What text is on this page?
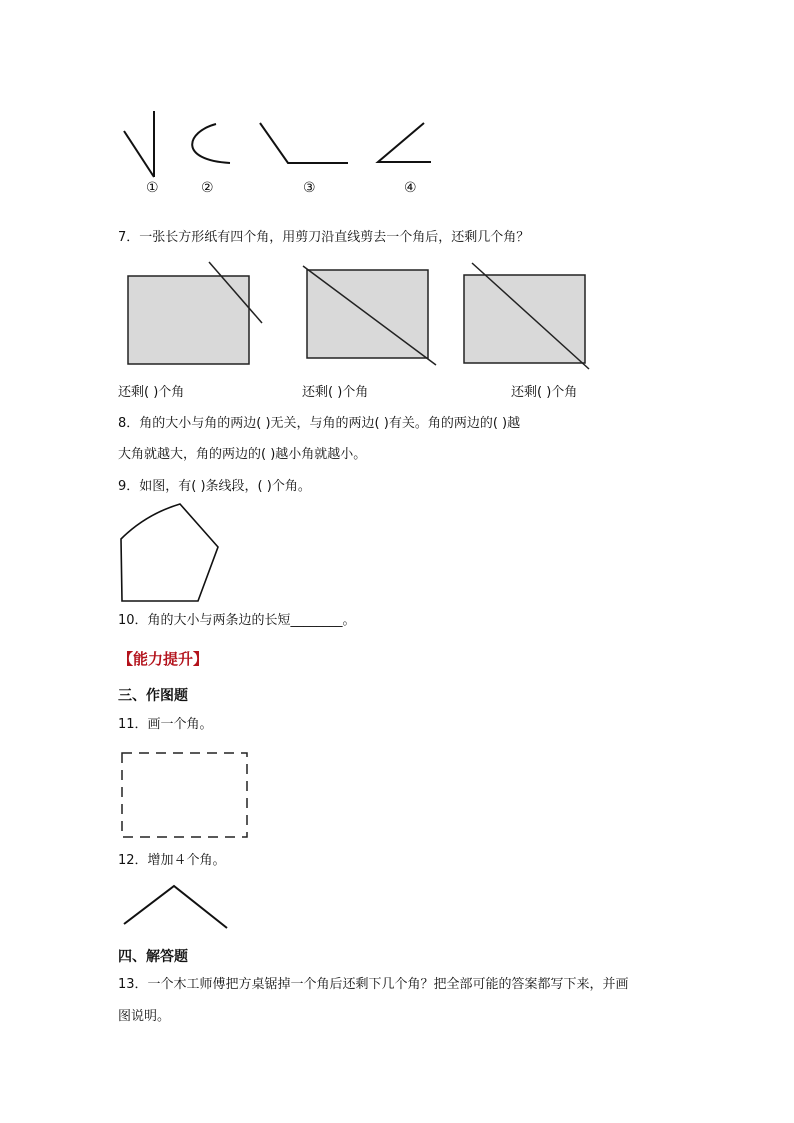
①	②	③	④
7．一张长方形纸有四个角，用剪刀沿直线剪去一个角后，还剩几个角？
还剩( )个角	还剩( )个角	还剩( )个角
8．角的大小与角的两边( )无关，与角的两边( )有关。角的两边的( )越
大角就越大，角的两边的( )越小角就越小。
9．如图，有( )条线段，( )个角。
10．角的大小与两条边的长短________。
【能力提升】
三、作图题
11．画一个角。
12．增加４个角。
四、解答题
13．一个木工师傅把方桌锯掉一个角后还剩下几个角？把全部可能的答案都写下来，并画
图说明。
